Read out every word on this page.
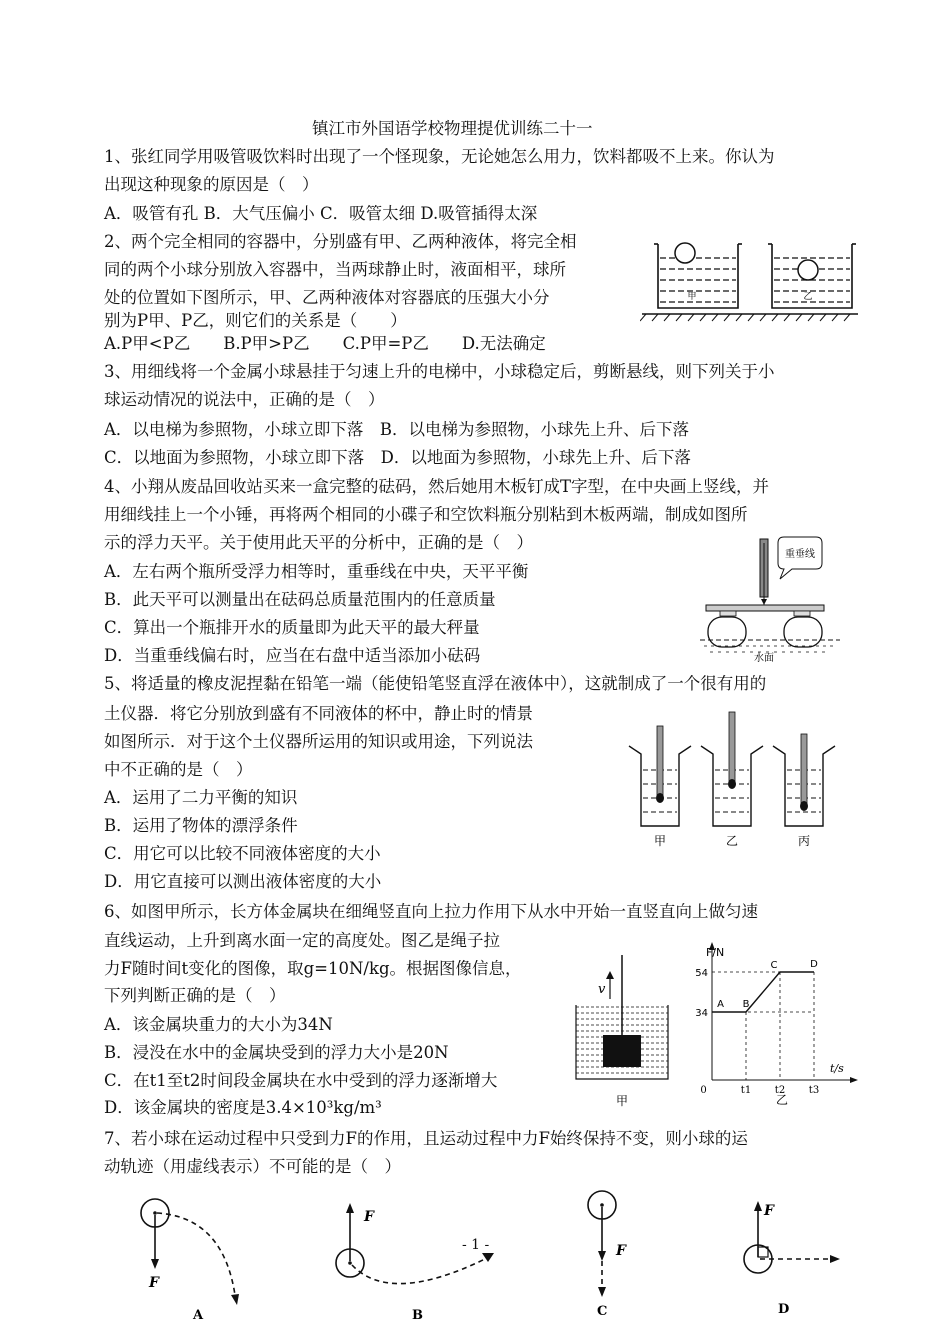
镇江市外国语学校物理提优训练二十一
1、张红同学用吸管吸饮料时出现了一个怪现象，无论她怎么用力，饮料都吸不上来。你认为
出现这种现象的原因是（　）
A．吸管有孔 B．大气压偏小 C．吸管太细 D.吸管插得太深
2、两个完全相同的容器中，分别盛有甲、乙两种液体，将完全相
同的两个小球分别放入容器中，当两球静止时，液面相平，球所
处的位置如下图所示，甲、乙两种液体对容器底的压强大小分
别为P甲、P乙，则它们的关系是（　　）
A.P甲<P乙　　B.P甲>P乙　　C.P甲=P乙　　D.无法确定
甲	乙
3、用细线将一个金属小球悬挂于匀速上升的电梯中，小球稳定后，剪断悬线，则下列关于小
球运动情况的说法中，正确的是（　）
A．以电梯为参照物，小球立即下落　B．以电梯为参照物，小球先上升、后下落
C．以地面为参照物，小球立即下落　D．以地面为参照物，小球先上升、后下落
4、小翔从废品回收站买来一盒完整的砝码，然后她用木板钉成T字型，在中央画上竖线，并
用细线挂上一个小锤，再将两个相同的小碟子和空饮料瓶分别粘到木板两端，制成如图所
示的浮力天平。关于使用此天平的分析中，正确的是（　）
A．左右两个瓶所受浮力相等时，重垂线在中央，天平平衡
B．此天平可以测量出在砝码总质量范围内的任意质量
C．算出一个瓶排开水的质量即为此天平的最大秤量
D．当重垂线偏右时，应当在右盘中适当添加小砝码
重垂线
水面
5、将适量的橡皮泥捏黏在铅笔一端（能使铅笔竖直浮在液体中），这就制成了一个很有用的
土仪器．将它分别放到盛有不同液体的杯中，静止时的情景
如图所示．对于这个土仪器所运用的知识或用途，下列说法
中不正确的是（　）
A．运用了二力平衡的知识
B．运用了物体的漂浮条件
C．用它可以比较不同液体密度的大小
D．用它直接可以测出液体密度的大小
甲	乙	丙
6、如图甲所示，长方体金属块在细绳竖直向上拉力作用下从水中开始一直竖直向上做匀速
直线运动，上升到离水面一定的高度处。图乙是绳子拉
力F随时间t变化的图像，取g=10N/kg。根据图像信息，
下列判断正确的是（　）
A．该金属块重力的大小为34N
B．浸没在水中的金属块受到的浮力大小是20N
C．在t1至t2时间段金属块在水中受到的浮力逐渐增大
D．该金属块的密度是3.4×10³kg/m³
v
甲
F/N
t/s
34
54
0	t1 t2 t3
A B
C	D
乙
7、若小球在运动过程中只受到力F的作用，且运动过程中力F始终保持不变，则小球的运
动轨迹（用虚线表示）不可能的是（　）
F
A
F
B
F
C
F
D
- 1 -
